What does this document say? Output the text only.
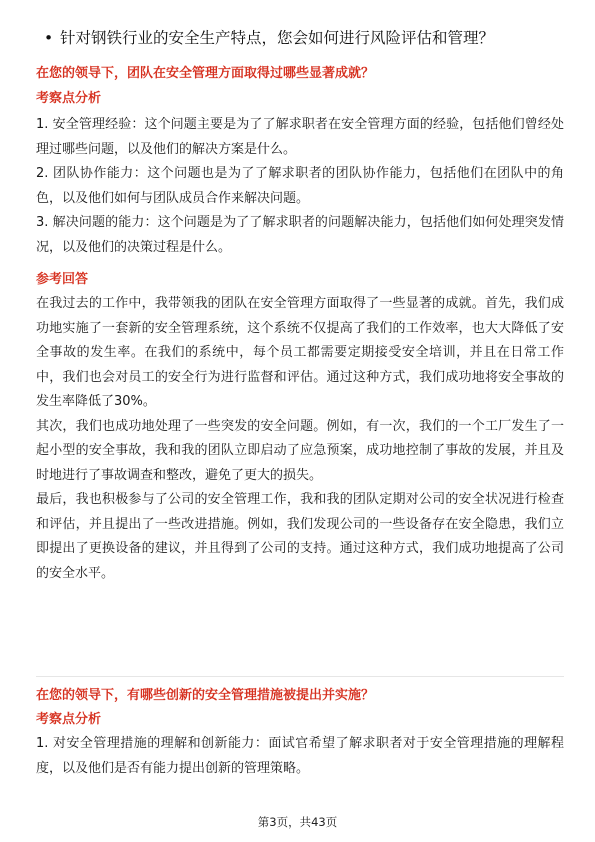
• 针对钢铁行业的安全生产特点，您会如何进行风险评估和管理？
在您的领导下，团队在安全管理方面取得过哪些显著成就？
考察点分析

1. 安全管理经验：这个问题主要是为了了解求职者在安全管理方面的经验，包括他们曾经处理过哪些问题，以及他们的解决方案是什么。

2. 团队协作能力：这个问题也是为了了解求职者的团队协作能力，包括他们在团队中的角色，以及他们如何与团队成员合作来解决问题。

3. 解决问题的能力：这个问题是为了了解求职者的问题解决能力，包括他们如何处理突发情况，以及他们的决策过程是什么。

参考回答

在我过去的工作中，我带领我的团队在安全管理方面取得了一些显著的成就。首先，我们成功地实施了一套新的安全管理系统，这个系统不仅提高了我们的工作效率，也大大降低了安全事故的发生率。在我们的系统中，每个员工都需要定期接受安全培训，并且在日常工作中，我们也会对员工的安全行为进行监督和评估。通过这种方式，我们成功地将安全事故的发生率降低了30%。

其次，我们也成功地处理了一些突发的安全问题。例如，有一次，我们的一个工厂发生了一起小型的安全事故，我和我的团队立即启动了应急预案，成功地控制了事故的发展，并且及时地进行了事故调查和整改，避免了更大的损失。

最后，我也积极参与了公司的安全管理工作，我和我的团队定期对公司的安全状况进行检查和评估，并且提出了一些改进措施。例如，我们发现公司的一些设备存在安全隐患，我们立即提出了更换设备的建议，并且得到了公司的支持。通过这种方式，我们成功地提高了公司的安全水平。

在您的领导下，有哪些创新的安全管理措施被提出并实施？
考察点分析

1. 对安全管理措施的理解和创新能力：面试官希望了解求职者对于安全管理措施的理解程度，以及他们是否有能力提出创新的管理策略。

第3页，共43页
